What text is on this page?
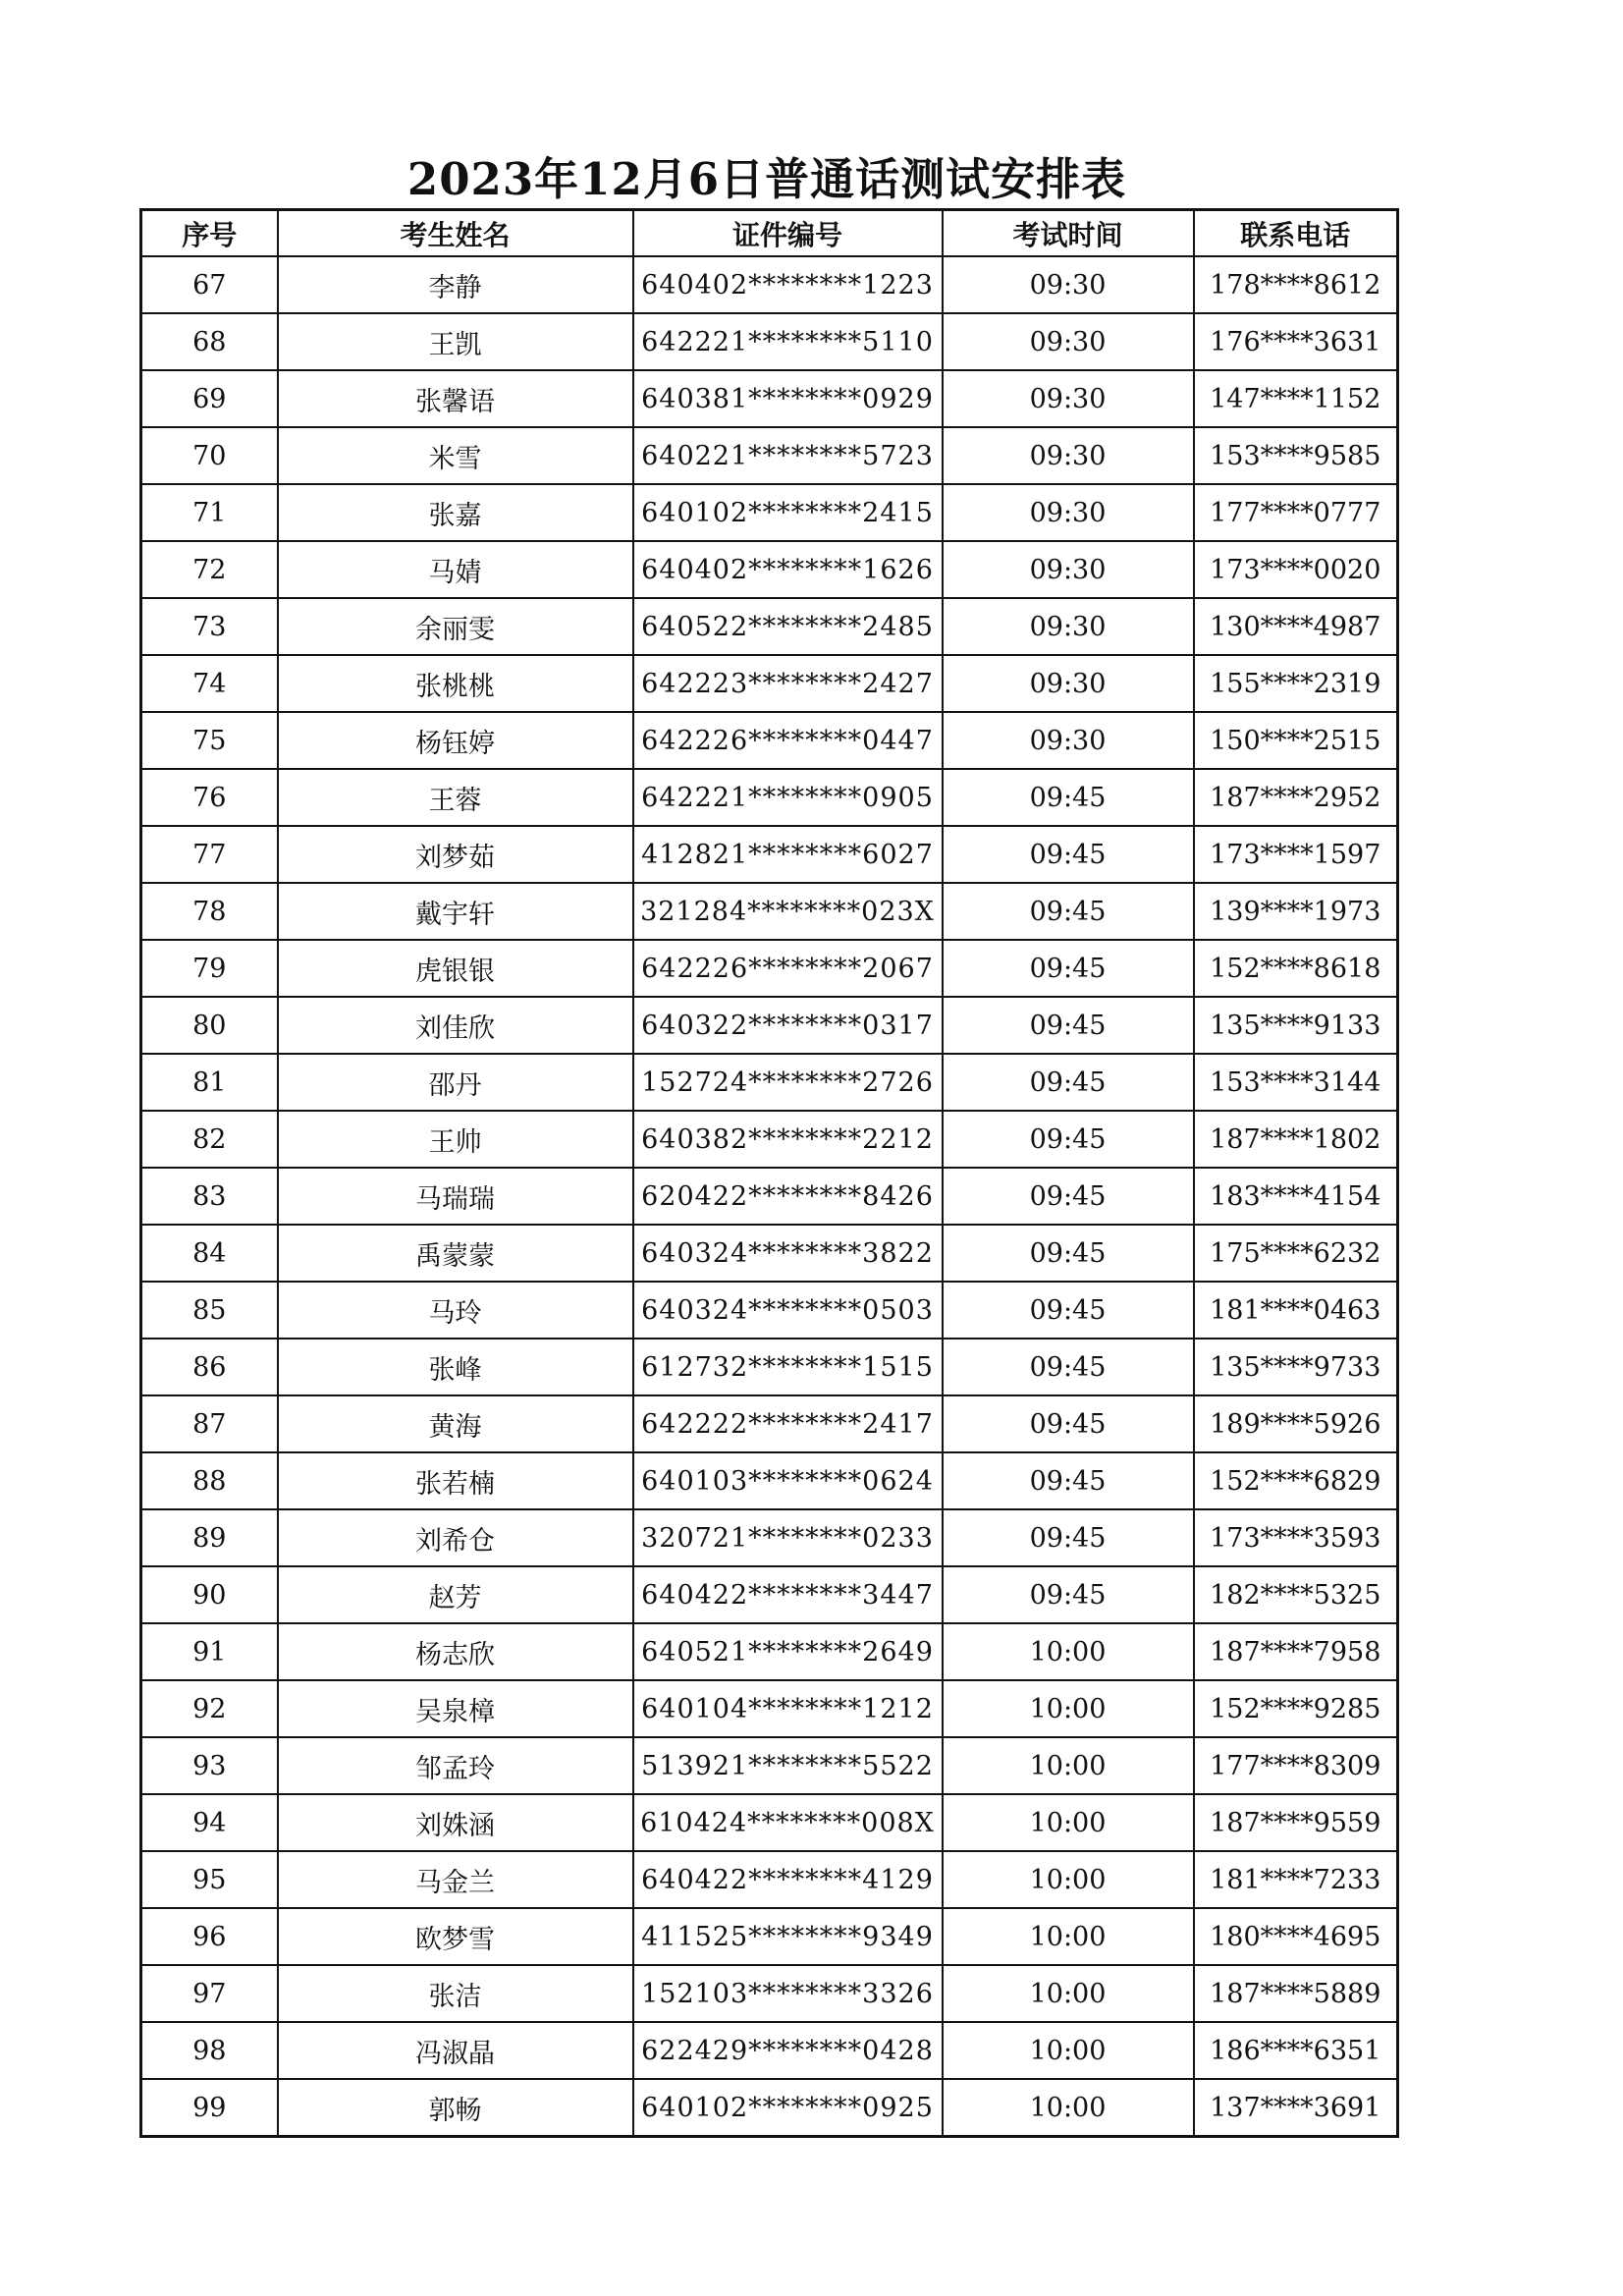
2023年12月6日普通话测试安排表
序号	考生姓名	证件编号	考试时间	联系电话
67	李静	640402********1223	09:30	178****8612
68	王凯	642221********5110	09:30	176****3631
69	张馨语	640381********0929	09:30	147****1152
70	米雪	640221********5723	09:30	153****9585
71	张嘉	640102********2415	09:30	177****0777
72	马婧	640402********1626	09:30	173****0020
73	余丽雯	640522********2485	09:30	130****4987
74	张桃桃	642223********2427	09:30	155****2319
75	杨钰婷	642226********0447	09:30	150****2515
76	王蓉	642221********0905	09:45	187****2952
77	刘梦茹	412821********6027	09:45	173****1597
78	戴宇轩	321284********023X	09:45	139****1973
79	虎银银	642226********2067	09:45	152****8618
80	刘佳欣	640322********0317	09:45	135****9133
81	邵丹	152724********2726	09:45	153****3144
82	王帅	640382********2212	09:45	187****1802
83	马瑞瑞	620422********8426	09:45	183****4154
84	禹蒙蒙	640324********3822	09:45	175****6232
85	马玲	640324********0503	09:45	181****0463
86	张峰	612732********1515	09:45	135****9733
87	黄海	642222********2417	09:45	189****5926
88	张若楠	640103********0624	09:45	152****6829
89	刘希仓	320721********0233	09:45	173****3593
90	赵芳	640422********3447	09:45	182****5325
91	杨志欣	640521********2649	10:00	187****7958
92	吴泉樟	640104********1212	10:00	152****9285
93	邹孟玲	513921********5522	10:00	177****8309
94	刘姝涵	610424********008X	10:00	187****9559
95	马金兰	640422********4129	10:00	181****7233
96	欧梦雪	411525********9349	10:00	180****4695
97	张洁	152103********3326	10:00	187****5889
98	冯淑晶	622429********0428	10:00	186****6351
99	郭畅	640102********0925	10:00	137****3691
